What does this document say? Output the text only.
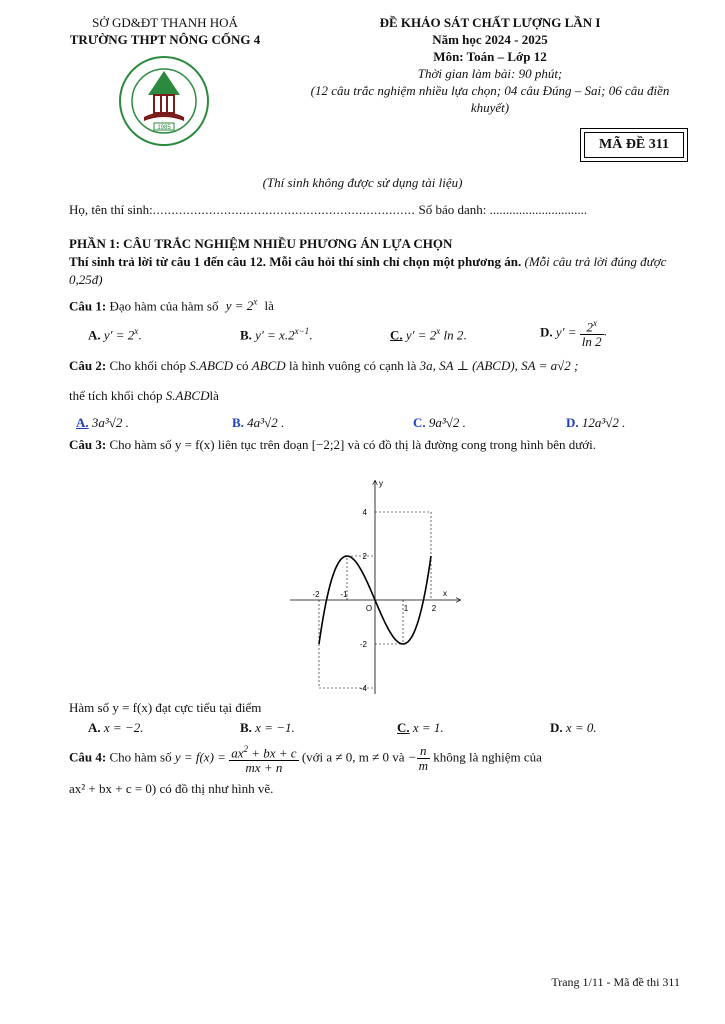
SỞ GD&ĐT THANH HOÁ
TRƯỜNG THPT NÔNG CỐNG 4
1985
ĐỀ KHẢO SÁT CHẤT LƯỢNG LẦN I
Năm học 2024 - 2025
Môn: Toán – Lớp 12
Thời gian làm bài: 90 phút;
(12 câu trắc nghiệm nhiều lựa chọn; 04 câu Đúng – Sai; 06 câu điền khuyết)
MÃ ĐỀ 311
(Thí sinh không được sử dụng tài liệu)
Họ, tên thí sinh:...................................................................... Số báo danh: ..............................
PHẦN 1: CÂU TRẮC NGHIỆM NHIỀU PHƯƠNG ÁN LỰA CHỌN
Thí sinh trả lời từ câu 1 đến câu 12. Mỗi câu hỏi thí sinh chỉ chọn một phương án. (Mỗi câu trả lời đúng được 0,25đ)
Câu 1: Đạo hàm của hàm số $y = 2^x$ là
A. $y' = 2^x$.	B. $y' = x.2^{x-1}$.	C. $y' = 2^x$ ln 2.	D. $y' = \frac{2^x}{\ln 2}$ .
Câu 2: Cho khối chóp S.ABCD có ABCD là hình vuông có cạnh là 3a, SA ⊥ (ABCD), SA = a√2 ;
thể tích khối chóp S.ABCDlà
A. 3a³√2 .	B. 4a³√2 .	C. 9a³√2 .	D. 12a³√2 .
Câu 3: Cho hàm số y = f(x) liên tục trên đoạn [−2;2] và có đồ thị là đường cong trong hình bên dưới.
-2	-1
1	2
4
2
-2
-4
O
x
y
Hàm số y = f(x) đạt cực tiểu tại điểm
A. x = −2.	B. x = −1.	C. x = 1.	D. x = 0.
Câu 4: Cho hàm số $y = f(x) = \frac{ax^2 + bx + c}{mx + n}$ (với a ≠ 0, m ≠ 0 và − $\frac{n}{m}$ không là nghiệm của
ax² + bx + c = 0) có đồ thị như hình vẽ.
Trang 1/11 - Mã đề thi 311
